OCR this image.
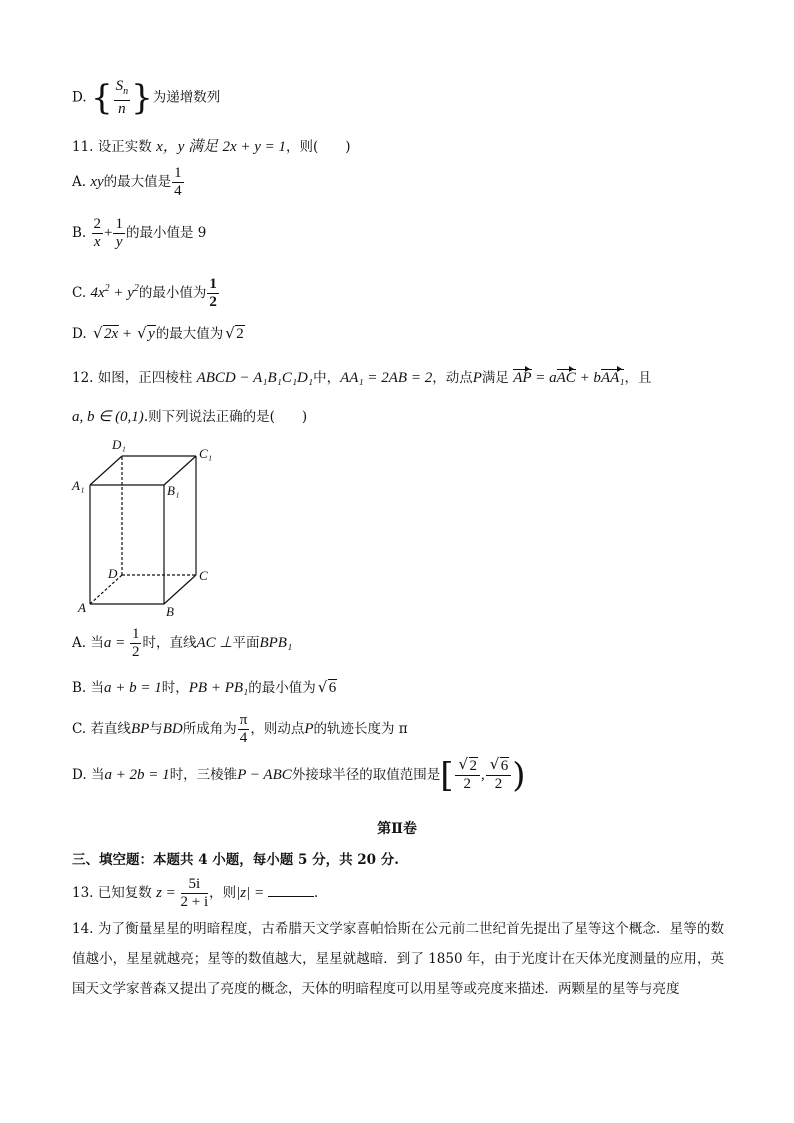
D. { $\frac{S_n}{n}$ }为递增数列
11. 设正实数 x，y 满足 2x + y = 1，则(　　)
A. xy的最大值是 $\frac{1}{4}$
B. $\frac{2}{x} + \frac{1}{y}$ 的最小值是 9
C. $4x^2 + y^2$的最小值为 $\frac{1}{2}$
D. √ 2x + √ y的最大值为 √ 2
12. 如图，正四棱柱 ABCD − A₁B₁C₁D₁中，AA₁ = 2AB = 2，动点P满足 AP = aAC + bAA₁，且
a, b ∈ (0,1).则下列说法正确的是(　　)
D₁
C₁
A₁	B₁
D	C
A	B
A. 当$a = \frac{1}{2}$ 时，直线AC ⊥平面BPB₁
B. 当a + b = 1时，PB + PB₁的最小值为 √ 6
C. 若直线BP与BD所成角为 $\frac{\pi}{4}$ ，则动点P的轨迹长度为 π
D. 当a + 2b = 1时，三棱锥P − ABC外接球半径的取值范围是[ √ $\frac{2}{2}$ , √ $\frac{6}{2}$ )
第Ⅱ卷
三、填空题：本题共 4 小题，每小题 5 分，共 20 分.
13. 已知复数 $z = \frac{5i}{2 + i}$ ，则|z| =	.
14. 为了衡量星星的明暗程度，古希腊天文学家喜帕恰斯在公元前二世纪首先提出了星等这个概念．星等的数值越小，星星就越亮；星等的数值越大，星星就越暗．到了 1850 年，由于光度计在天体光度测量的应用，英国天文学家普森又提出了亮度的概念，天体的明暗程度可以用星等或亮度来描述．两颗星的星等与亮度
